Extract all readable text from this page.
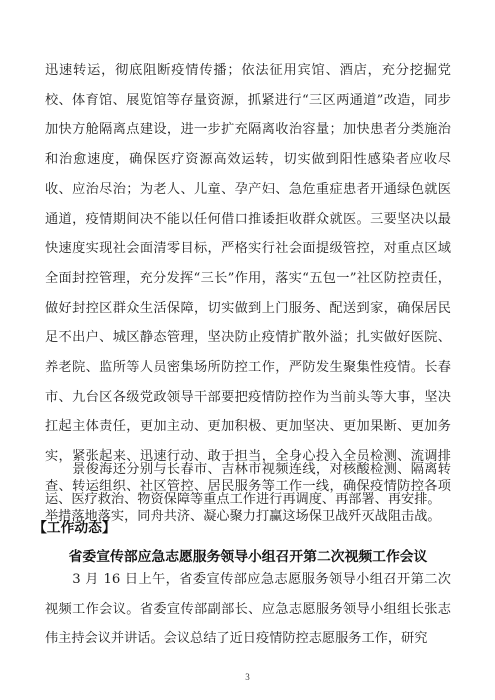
迅速转运，彻底阻断疫情传播；依法征用宾馆、酒店，充分挖掘党校、体育馆、展览馆等存量资源，抓紧进行“三区两通道”改造，同步加快方舱隔离点建设，进一步扩充隔离收治容量；加快患者分类施治和治愈速度，确保医疗资源高效运转，切实做到阳性感染者应收尽收、应治尽治；为老人、儿童、孕产妇、急危重症患者开通绿色就医通道，疫情期间决不能以任何借口推诿拒收群众就医。三要坚决以最快速度实现社会面清零目标，严格实行社会面提级管控，对重点区域全面封控管理，充分发挥“三长”作用，落实“五包一”社区防控责任，做好封控区群众生活保障，切实做到上门服务、配送到家，确保居民足不出户、城区静态管理，坚决防止疫情扩散外溢；扎实做好医院、养老院、监所等人员密集场所防控工作，严防发生聚集性疫情。长春市、九台区各级党政领导干部要把疫情防控作为当前头等大事，坚决扛起主体责任，更加主动、更加积极、更加坚决、更加果断、更加务实，紧张起来、迅速行动、敢于担当，全身心投入全员检测、流调排查、转运组织、社区管控、居民服务等工作一线，确保疫情防控各项举措落地落实，同舟共济、凝心聚力打赢这场保卫战歼灭战阻击战。

　　景俊海还分别与长春市、吉林市视频连线，对核酸检测、隔离转运、医疗救治、物资保障等重点工作进行再调度、再部署、再安排。

【工作动态】

省委宣传部应急志愿服务领导小组召开第二次视频工作会议

　　3 月 16 日上午，省委宣传部应急志愿服务领导小组召开第二次视频工作会议。省委宣传部副部长、应急志愿服务领导小组组长张志伟主持会议并讲话。会议总结了近日疫情防控志愿服务工作，研究

3
